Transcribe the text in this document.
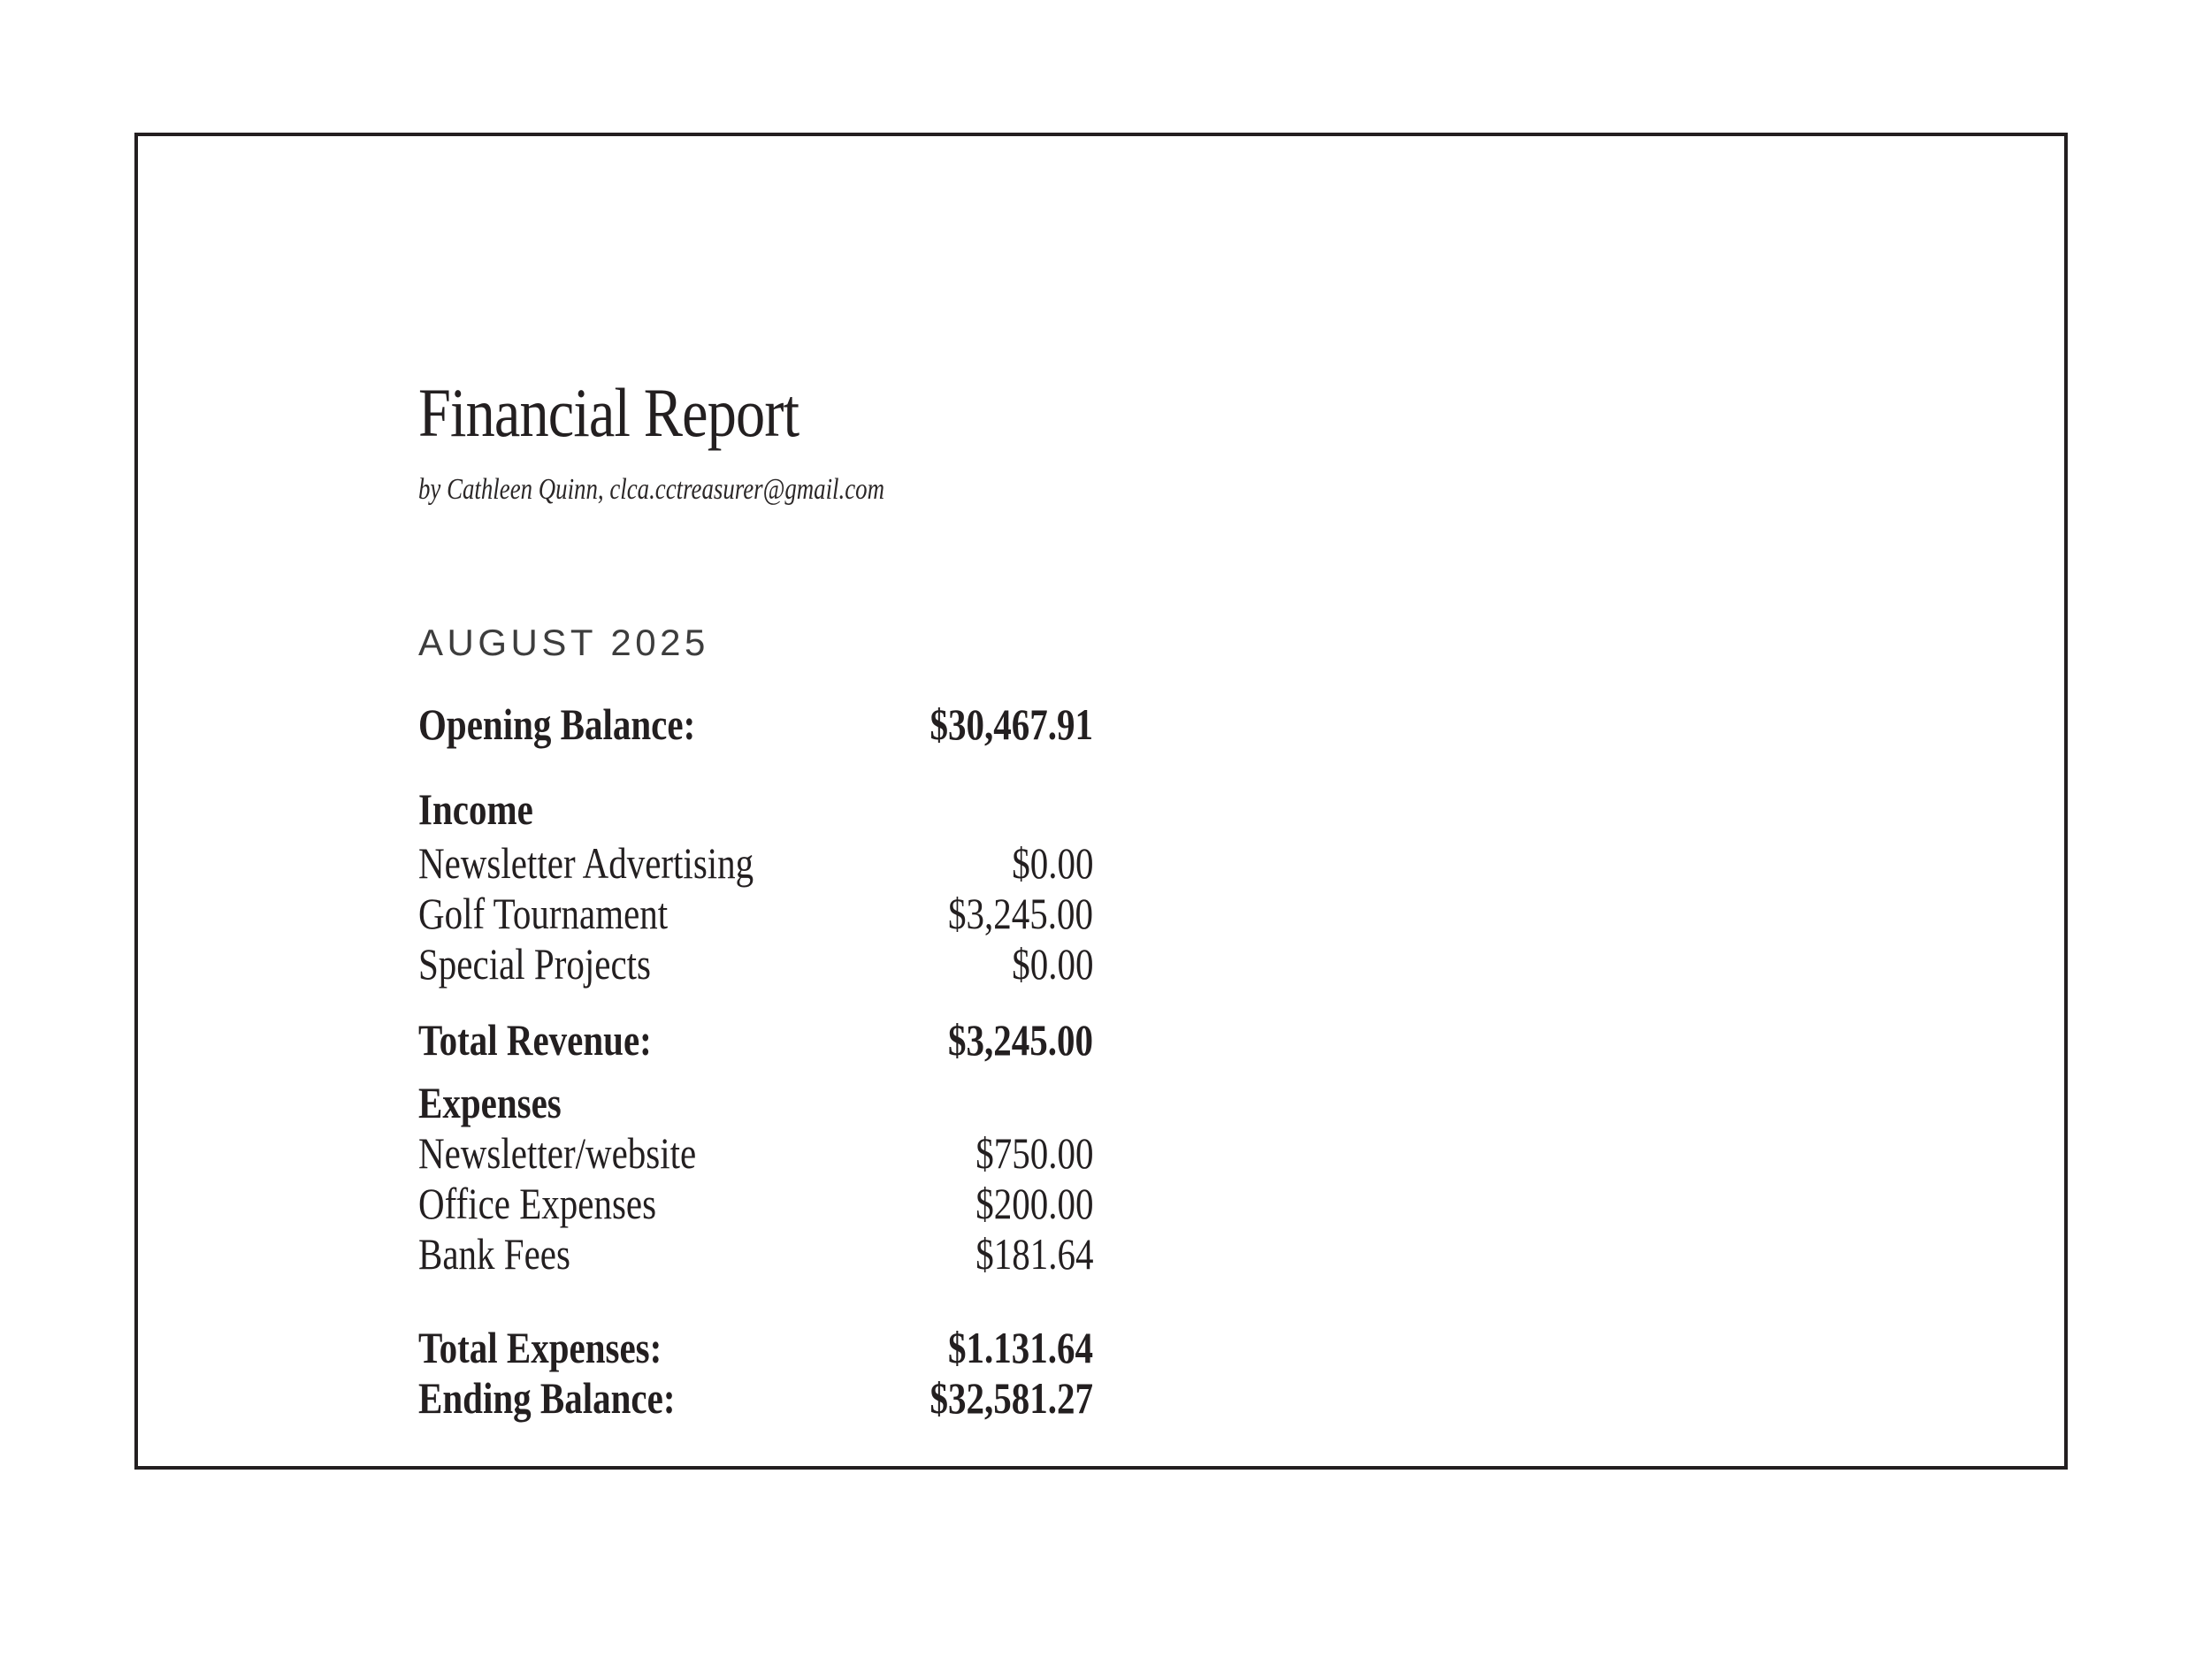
Financial Report
by Cathleen Quinn, clca.cctreasurer@gmail.com
AUGUST 2025
Opening Balance:	$30,467.91
Income
Newsletter Advertising	$0.00
Golf Tournament	$3,245.00
Special Projects	$0.00
Total Revenue:	$3,245.00
Expenses
Newsletter/website	$750.00
Office Expenses	$200.00
Bank Fees	$181.64
Total Expenses:	$1.131.64
Ending Balance:	$32,581.27
